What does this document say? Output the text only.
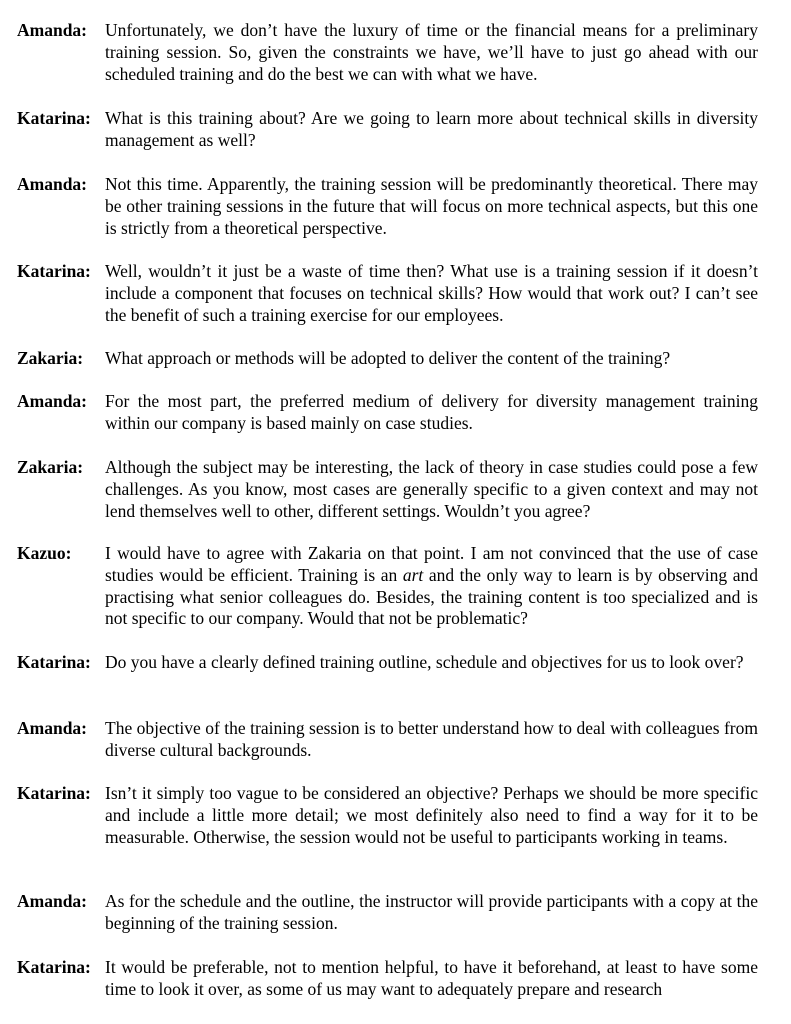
Amanda: Unfortunately, we don’t have the luxury of time or the financial means for a preliminary training session. So, given the constraints we have, we’ll have to just go ahead with our scheduled training and do the best we can with what we have.
Katarina: What is this training about? Are we going to learn more about technical skills in diversity management as well?
Amanda: Not this time. Apparently, the training session will be predominantly theoretical. There may be other training sessions in the future that will focus on more technical aspects, but this one is strictly from a theoretical perspective.
Katarina: Well, wouldn’t it just be a waste of time then? What use is a training session if it doesn’t include a component that focuses on technical skills? How would that work out? I can’t see the benefit of such a training exercise for our employees.
Zakaria: What approach or methods will be adopted to deliver the content of the training?
Amanda: For the most part, the preferred medium of delivery for diversity management training within our company is based mainly on case studies.
Zakaria: Although the subject may be interesting, the lack of theory in case studies could pose a few challenges. As you know, most cases are generally specific to a given context and may not lend themselves well to other, different settings. Wouldn’t you agree?
Kazuo: I would have to agree with Zakaria on that point. I am not convinced that the use of case studies would be efficient. Training is an art and the only way to learn is by observing and practising what senior colleagues do. Besides, the training content is too specialized and is not specific to our company. Would that not be problematic?
Katarina: Do you have a clearly defined training outline, schedule and objectives for us to look over?
Amanda: The objective of the training session is to better understand how to deal with colleagues from diverse cultural backgrounds.
Katarina: Isn’t it simply too vague to be considered an objective? Perhaps we should be more specific and include a little more detail; we most definitely also need to find a way for it to be measurable. Otherwise, the session would not be useful to participants working in teams.
Amanda: As for the schedule and the outline, the instructor will provide participants with a copy at the beginning of the training session.
Katarina: It would be preferable, not to mention helpful, to have it beforehand, at least to have some time to look it over, as some of us may want to adequately prepare and research
